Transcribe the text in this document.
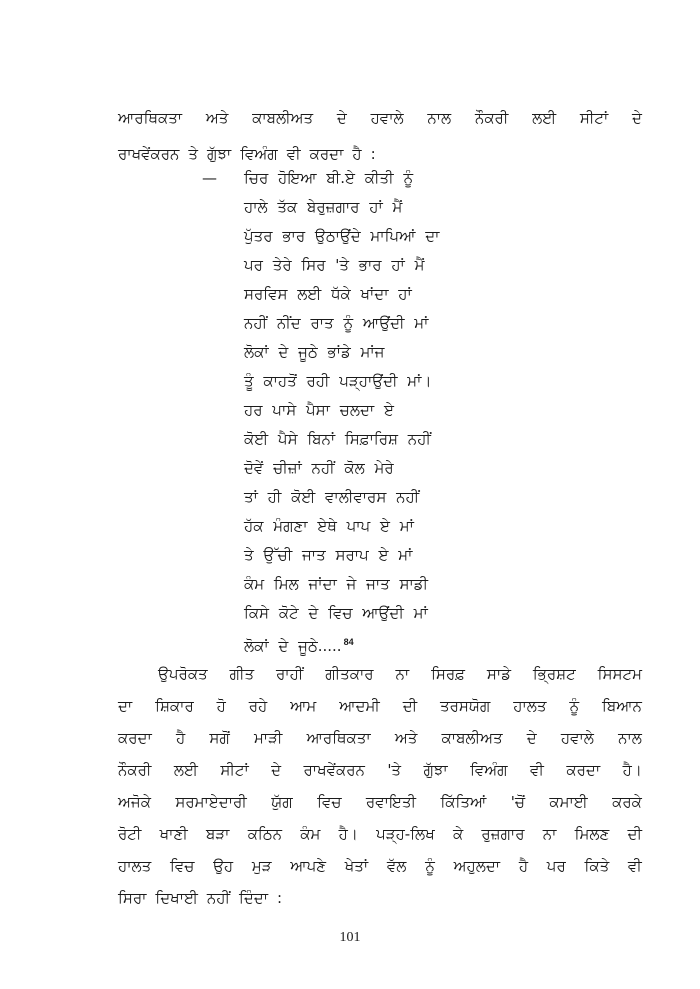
ਆਰਥਿਕਤਾ ਅਤੇ ਕਾਬਲੀਅਤ ਦੇ ਹਵਾਲੇ ਨਾਲ ਨੌਕਰੀ ਲਈ ਸੀਟਾਂ ਦੇ
ਰਾਖਵੇਂਕਰਨ ਤੇ ਗੁੱਝਾ ਵਿਅੰਗ ਵੀ ਕਰਦਾ ਹੈ :
— ਚਿਰ ਹੋਇਆ ਬੀ.ਏ ਕੀਤੀ ਨੂੰ
ਹਾਲੇ ਤੱਕ ਬੇਰੁਜ਼ਗਾਰ ਹਾਂ ਮੈਂ
ਪੁੱਤਰ ਭਾਰ ਉਠਾਉਂਦੇ ਮਾਪਿਆਂ ਦਾ
ਪਰ ਤੇਰੇ ਸਿਰ 'ਤੇ ਭਾਰ ਹਾਂ ਮੈਂ
ਸਰਵਿਸ ਲਈ ਧੱਕੇ ਖਾਂਦਾ ਹਾਂ
ਨਹੀਂ ਨੀਂਦ ਰਾਤ ਨੂੰ ਆਉਂਦੀ ਮਾਂ
ਲੋਕਾਂ ਦੇ ਜੂਠੇ ਭਾਂਡੇ ਮਾਂਜ
ਤੂੰ ਕਾਹਤੋਂ ਰਹੀ ਪੜ੍ਹਾਉਂਦੀ ਮਾਂ।
ਹਰ ਪਾਸੇ ਪੈਸਾ ਚਲਦਾ ਏ
ਕੋਈ ਪੈਸੇ ਬਿਨਾਂ ਸਿਫ਼ਾਰਿਸ਼ ਨਹੀਂ
ਦੋਵੇਂ ਚੀਜ਼ਾਂ ਨਹੀਂ ਕੋਲ ਮੇਰੇ
ਤਾਂ ਹੀ ਕੋਈ ਵਾਲੀਵਾਰਸ ਨਹੀਂ
ਹੱਕ ਮੰਗਣਾ ਏਥੇ ਪਾਪ ਏ ਮਾਂ
ਤੇ ਉੱਚੀ ਜਾਤ ਸਰਾਪ ਏ ਮਾਂ
ਕੰਮ ਮਿਲ ਜਾਂਦਾ ਜੇ ਜਾਤ ਸਾਡੀ
ਕਿਸੇ ਕੋਟੇ ਦੇ ਵਿਚ ਆਉਂਦੀ ਮਾਂ
ਲੋਕਾਂ ਦੇ ਜੂਠੇ..... $^{84}$
ਉਪਰੋਕਤ ਗੀਤ ਰਾਹੀਂ ਗੀਤਕਾਰ ਨਾ ਸਿਰਫ਼ ਸਾਡੇ ਭ੍ਰਿਸ਼ਟ ਸਿਸਟਮ
ਦਾ ਸ਼ਿਕਾਰ ਹੋ ਰਹੇ ਆਮ ਆਦਮੀ ਦੀ ਤਰਸਯੋਗ ਹਾਲਤ ਨੂੰ ਬਿਆਨ
ਕਰਦਾ ਹੈ ਸਗੋਂ ਮਾੜੀ ਆਰਥਿਕਤਾ ਅਤੇ ਕਾਬਲੀਅਤ ਦੇ ਹਵਾਲੇ ਨਾਲ
ਨੌਕਰੀ ਲਈ ਸੀਟਾਂ ਦੇ ਰਾਖਵੇਂਕਰਨ 'ਤੇ ਗੁੱਝਾ ਵਿਅੰਗ ਵੀ ਕਰਦਾ ਹੈ।
ਅਜੋਕੇ ਸਰਮਾਏਦਾਰੀ ਯੁੱਗ ਵਿਚ ਰਵਾਇਤੀ ਕਿੱਤਿਆਂ 'ਚੋਂ ਕਮਾਈ ਕਰਕੇ
ਰੋਟੀ ਖਾਣੀ ਬੜਾ ਕਠਿਨ ਕੰਮ ਹੈ। ਪੜ੍ਹ-ਲਿਖ ਕੇ ਰੁਜ਼ਗਾਰ ਨਾ ਮਿਲਣ ਦੀ
ਹਾਲਤ ਵਿਚ ਉਹ ਮੁੜ ਆਪਣੇ ਖੇਤਾਂ ਵੱਲ ਨੂੰ ਅਹੁਲਦਾ ਹੈ ਪਰ ਕਿਤੇ ਵੀ
ਸਿਰਾ ਦਿਖਾਈ ਨਹੀਂ ਦਿੰਦਾ :
101
